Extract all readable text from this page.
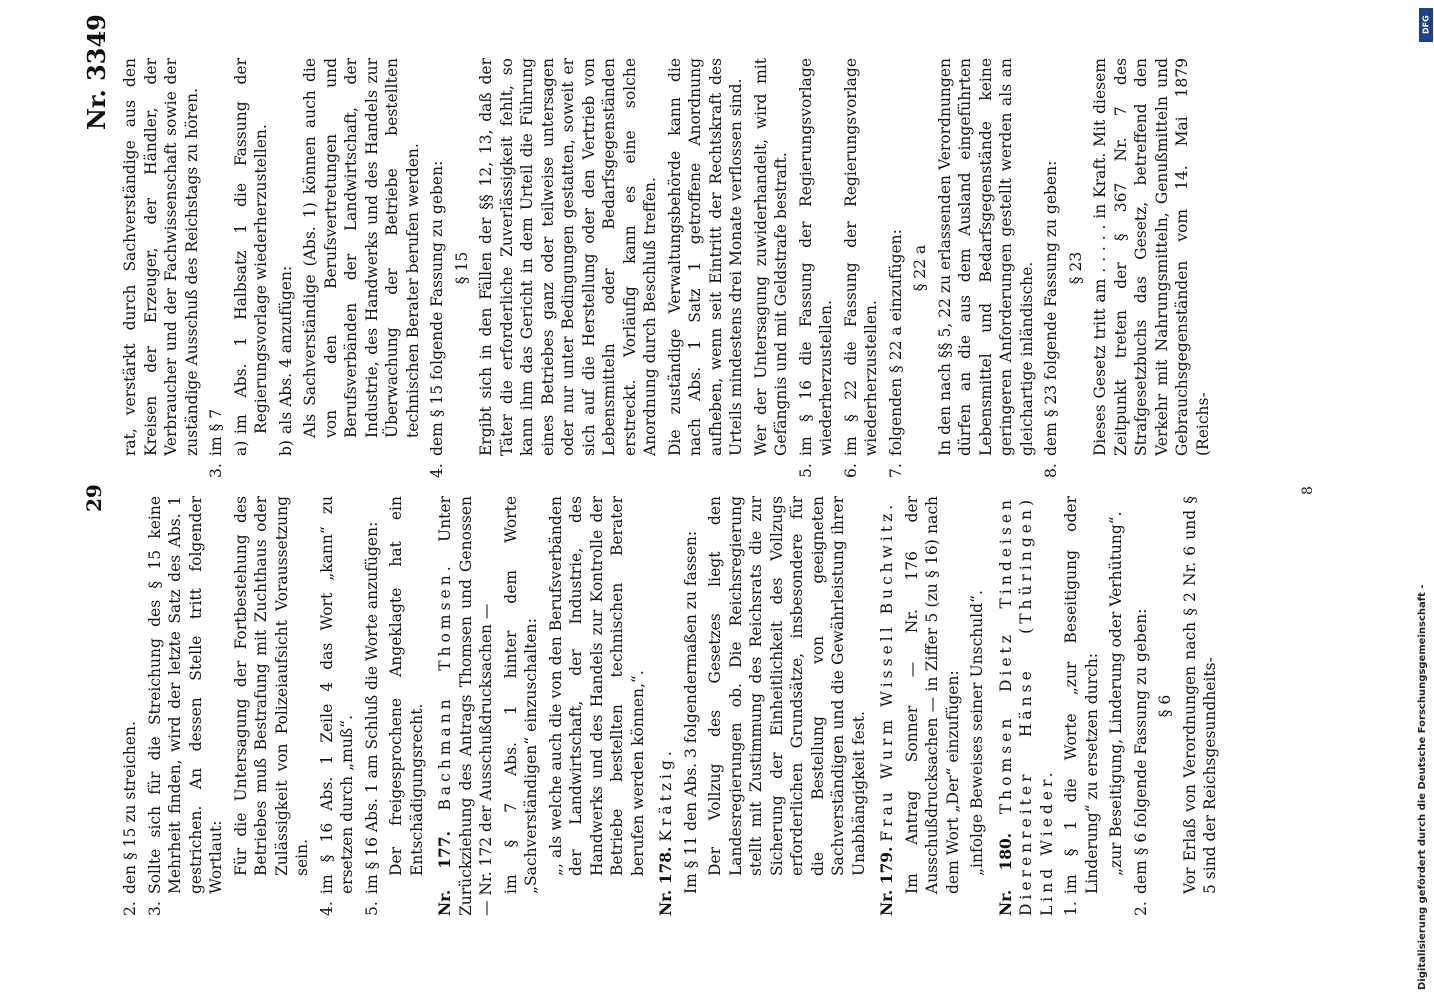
29
Nr. 3349
2.
den § 15 zu streichen.
3.
Sollte sich für die Streichung des § 15 keine Mehrheit finden, wird der letzte Satz des Abs. 1 gestrichen. An dessen Stelle tritt folgender Wortlaut: Für die Untersagung der Fortbestehung des Betriebes muß Bestrafung mit Zuchthaus oder Zulässigkeit von Polizeiaufsicht Voraussetzung sein.
4.
im § 16 Abs. 1 Zeile 4 das Wort „kann“ zu ersetzen durch „muß“.
5.
im § 16 Abs. 1 am Schluß die Worte anzufügen: Der freigesprochene Angeklagte hat ein Entschädigungsrecht. Nr. 177. Bachmann Thomsen. Unter Zurückziehung des Antrags Thomsen und Genossen — Nr. 172 der Ausschußdrucksachen — im § 7 Abs. 1 hinter dem Worte „Sachverständigen“ einzuschalten: „, als welche auch die von den Berufsverbänden der Landwirtschaft, der Industrie, des Handwerks und des Handels zur Kontrolle der Betriebe bestellten technischen Berater berufen werden können,“.
Nr. 178. Krätzig. Im § 11 den Abs. 3 folgendermaßen zu fassen: Der Vollzug des Gesetzes liegt den Landesregierungen ob. Die Reichsregierung stellt mit Zustimmung des Reichsrats die zur Sicherung der Einheitlichkeit des Vollzugs erforderlichen Grundsätze, insbesondere für die Bestellung von geeigneten Sachverständigen und die Gewährleistung ihrer Unabhängigkeit fest.
Nr. 179. Frau Wurm Wissell Buchwitz. Im Antrag Sonner — Nr. 176 der Ausschußdrucksachen — in Ziffer 5 (zu § 16) nach dem Wort „Der“ einzufügen: „infolge Beweises seiner Unschuld“. Nr. 180. Thomsen Dietz Tindeisen Dierenreiter Hänse (Thüringen) Lind Wieder. 1.
im § 1 die Worte „zur Beseitigung oder Linderung“ zu ersetzen durch: „zur Beseitigung, Linderung oder Verhütung“.
2.
dem § 6 folgende Fassung zu geben: § 6 Vor Erlaß von Verordnungen nach § 2 Nr. 6 und § 5 sind der Reichsgesundheits-
rat, verstärkt durch Sachverständige aus den Kreisen der Erzeuger, der Händler, der Verbraucher und der Fachwissenschaft sowie der zuständige Ausschuß des Reichstags zu hören.
3.
im § 7 a)
im Abs. 1 Halbsatz 1 die Fassung der Regierungsvorlage wiederherzustellen.
b)
als Abs. 4 anzufügen: Als Sachverständige (Abs. 1) können auch die von den Berufsvertretungen und Berufsverbänden der Landwirtschaft, der Industrie, des Handwerks und des Handels zur Überwachung der Betriebe bestellten technischen Berater berufen werden.
4.
dem § 15 folgende Fassung zu geben: § 15 Ergibt sich in den Fällen der §§ 12, 13, daß der Täter die erforderliche Zuverlässigkeit fehlt, so kann ihm das Gericht in dem Urteil die Führung eines Betriebes ganz oder teilweise untersagen oder nur unter Bedingungen gestatten, soweit er sich auf die Herstellung oder den Vertrieb von Lebensmitteln oder Bedarfsgegenständen erstreckt. Vorläufig kann es eine solche Anordnung durch Beschluß treffen. Die zuständige Verwaltungsbehörde kann die nach Abs. 1 Satz 1 getroffene Anordnung aufheben, wenn seit Eintritt der Rechtskraft des Urteils mindestens drei Monate verflossen sind. Wer der Untersagung zuwiderhandelt, wird mit Gefängnis und mit Geldstrafe bestraft.
5.
im § 16 die Fassung der Regierungsvorlage wiederherzustellen.
6.
im § 22 die Fassung der Regierungsvorlage wiederherzustellen.
7.
folgenden § 22 a einzufügen: § 22 a In den nach §§ 5, 22 zu erlassenden Verordnungen dürfen an die aus dem Ausland eingeführten Lebensmittel und Bedarfsgegenstände keine geringeren Anforderungen gestellt werden als an gleichartige inländische.
8.
dem § 23 folgende Fassung zu geben: § 23 Dieses Gesetz tritt am . . . . . in Kraft. Mit diesem Zeitpunkt treten der § 367 Nr. 7 des Strafgesetzbuchs das Gesetz, betreffend den Verkehr mit Nahrungsmitteln, Genußmitteln und Gebrauchsgegenständen vom 14. Mai 1879 (Reichs-
8
Digitalisierung gefördert durch die Deutsche Forschungsgemeinschaft -
DFG
